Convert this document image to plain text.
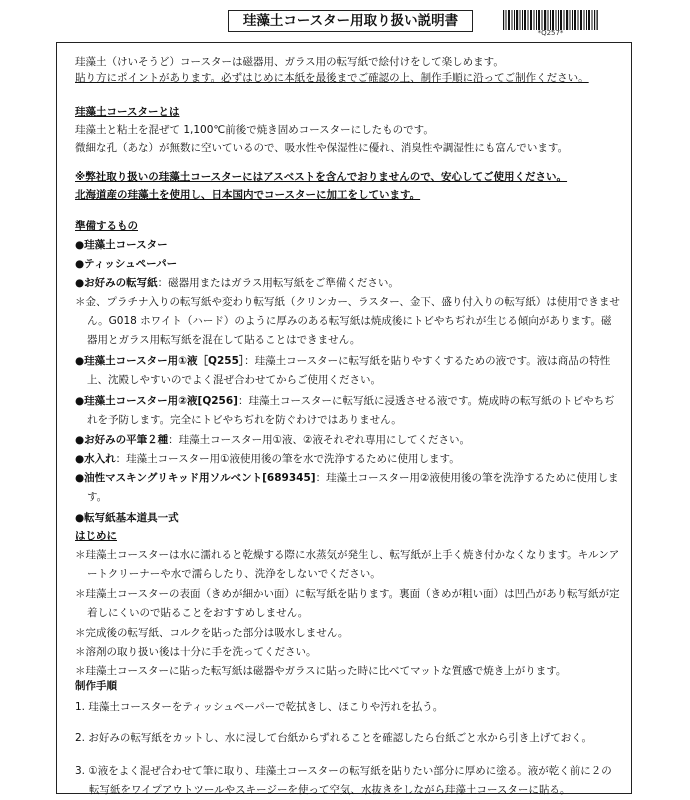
珪藻土コースター用取り扱い説明書
*Q257*

珪藻土（けいそうど）コースターは磁器用、ガラス用の転写紙で絵付けをして楽しめます。

貼り方にポイントがあります。必ずはじめに本紙を最後までご確認の上、制作手順に沿ってご制作ください。

珪藻土コースターとは

珪藻土と粘土を混ぜて 1,100℃前後で焼き固めコースターにしたものです。

微細な孔（あな）が無数に空いているので、吸水性や保湿性に優れ、消臭性や調湿性にも富んでいます。

※弊社取り扱いの珪藻土コースターにはアスベストを含んでおりませんので、安心してご使用ください。

北海道産の珪藻土を使用し、日本国内でコースターに加工をしています。

準備するもの

●珪藻土コースター

●ティッシュペーパー

●お好みの転写紙：磁器用またはガラス用転写紙をご準備ください。

＊金、プラチナ入りの転写紙や変わり転写紙（クリンカー、ラスター、金下、盛り付入りの転写紙）は使用できません。G018 ホワイト（ハード）のように厚みのある転写紙は焼成後にトビやちぢれが生じる傾向があります。磁器用とガラス用転写紙を混在して貼ることはできません。

●珪藻土コースター用①液［Q255］：珪藻土コースターに転写紙を貼りやすくするための液です。液は商品の特性上、沈殿しやすいのでよく混ぜ合わせてからご使用ください。

●珪藻土コースター用②液[Q256]：珪藻土コースターに転写紙に浸透させる液です。焼成時の転写紙のトビやちぢれを予防します。完全にトビやちぢれを防ぐわけではありません。

●お好みの平筆２種：珪藻土コースター用①液、②液それぞれ専用にしてください。

●水入れ：珪藻土コースター用①液使用後の筆を水で洗浄するために使用します。

●油性マスキングリキッド用ソルベント[689345]：珪藻土コースター用②液使用後の筆を洗浄するために使用します。

●転写紙基本道具一式

はじめに

＊珪藻土コースターは水に濡れると乾燥する際に水蒸気が発生し、転写紙が上手く焼き付かなくなります。キルンアートクリーナーや水で濡らしたり、洗浄をしないでください。

＊珪藻土コースターの表面（きめが細かい面）に転写紙を貼ります。裏面（きめが粗い面）は凹凸があり転写紙が定着しにくいので貼ることをおすすめしません。

＊完成後の転写紙、コルクを貼った部分は吸水しません。

＊溶剤の取り扱い後は十分に手を洗ってください。

＊珪藻土コースターに貼った転写紙は磁器やガラスに貼った時に比べてマットな質感で焼き上がります。

制作手順

1. 珪藻土コースターをティッシュペーパーで乾拭きし、ほこりや汚れを払う。

2. お好みの転写紙をカットし、水に浸して台紙からずれることを確認したら台紙ごと水から引き上げておく。

3. ①液をよく混ぜ合わせて筆に取り、珪藻土コースターの転写紙を貼りたい部分に厚めに塗る。液が乾く前に２の転写紙をワイプアウトツールやスキージーを使って空気、水抜きをしながら珪藻土コースターに貼る。
